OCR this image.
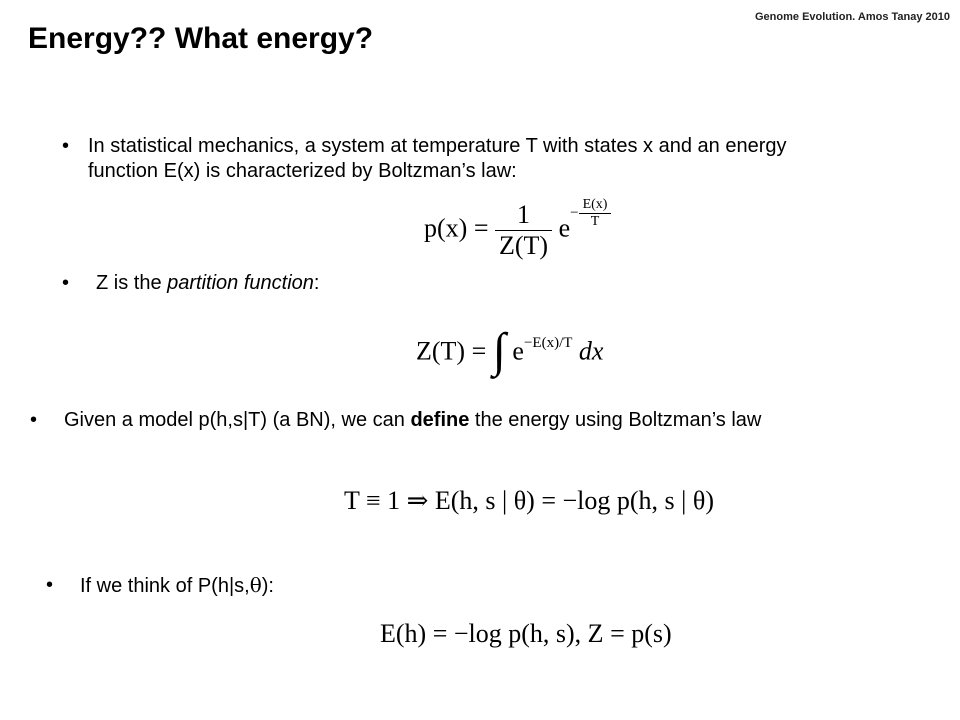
Genome Evolution. Amos Tanay 2010
Energy?? What energy?
• In statistical mechanics, a system at temperature T with states x and an energy function E(x) is characterized by Boltzman’s law:
$p(x) = \frac{1}{Z(T)} e- \frac{E(x)}{T}$
•	Z is the partition function:
Z(T) = ∫ $e^{-E(x)/T}$ dx
•	Given a model p(h,s|T) (a BN), we can define the energy using Boltzman’s law
T ≡ 1 ⇒ E(h, s | θ) = −log p(h, s | θ)
•	If we think of P(h|s,θ):
E(h) = −log p(h, s), Z = p(s)
